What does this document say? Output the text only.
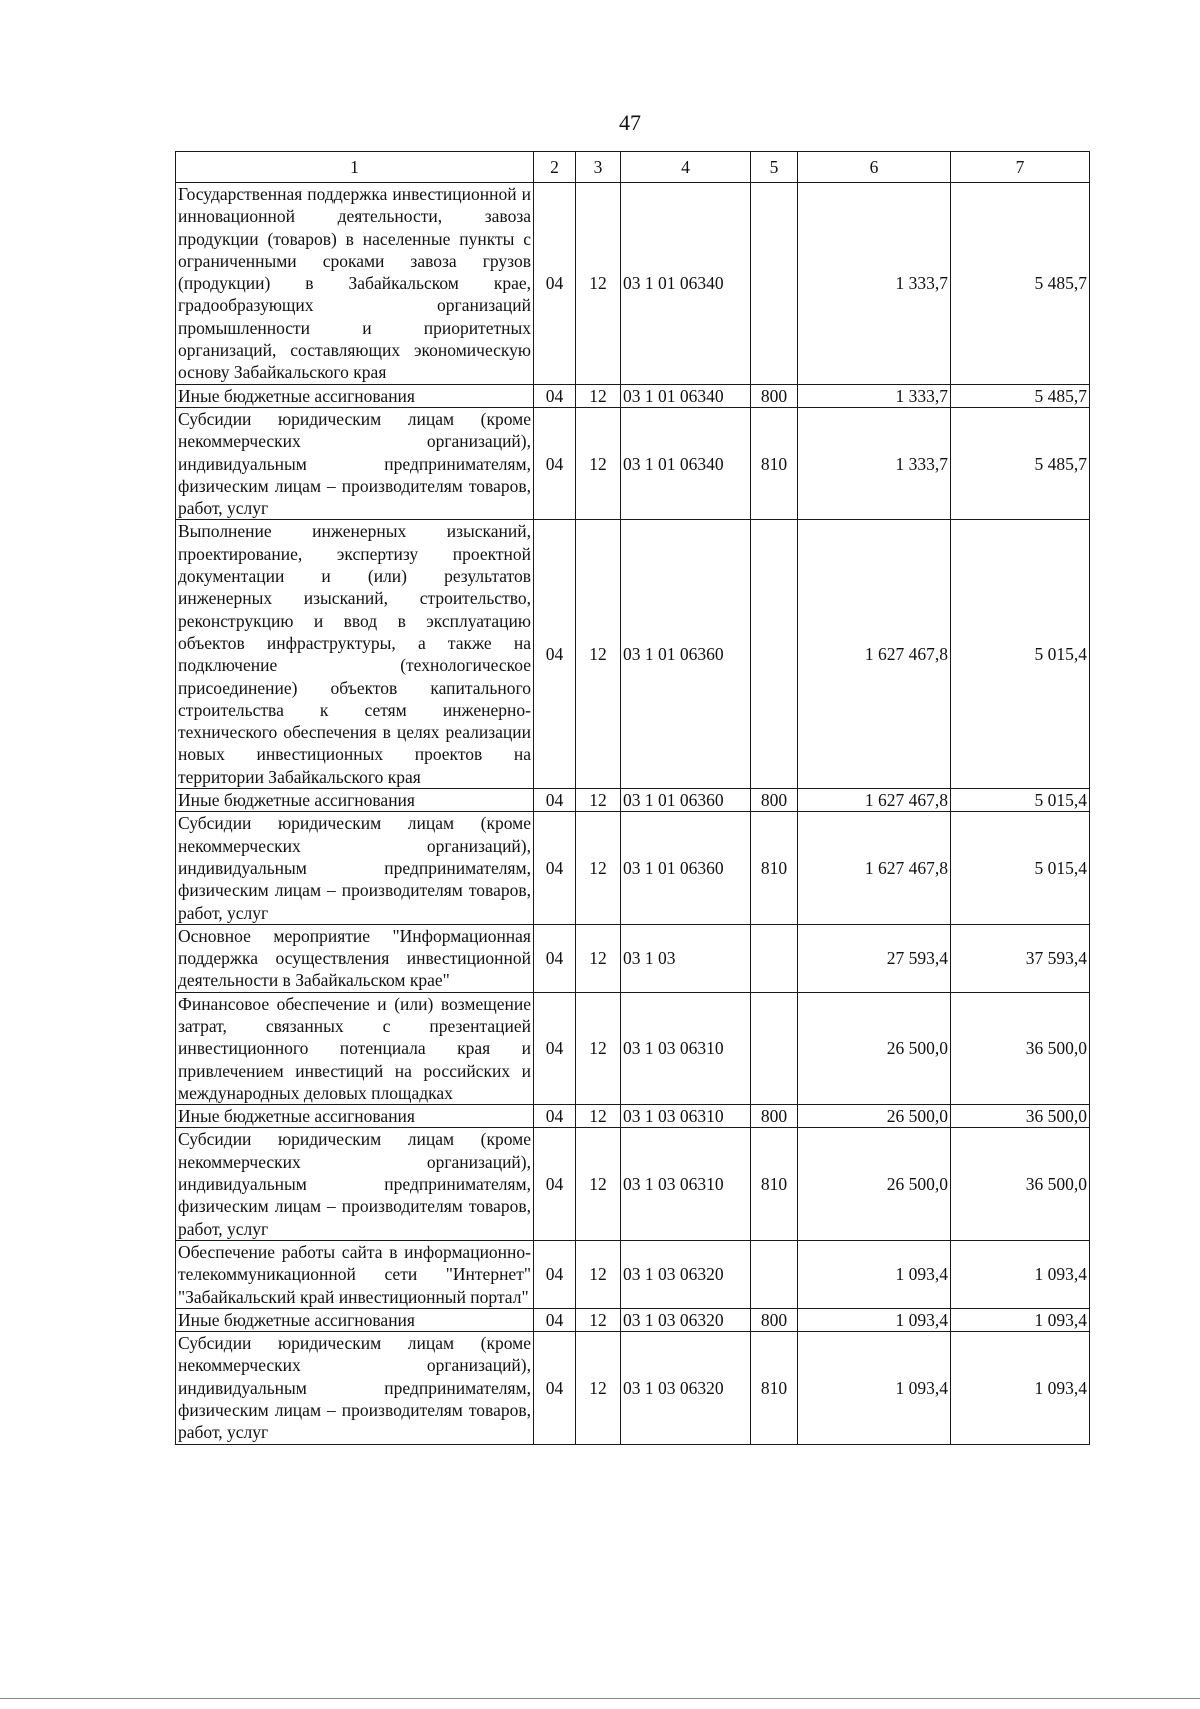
47
1	2	3	4	5	6	7
Государственная поддержка инвестиционной и инновационной деятельности, завоза продукции (товаров) в населенные пункты с ограниченными сроками завоза грузов (продукции) в Забайкальском крае, градообразующих организаций промышленности и приоритетных организаций, составляющих экономическую основу Забайкальского края	04	12	03 1 01 06340		1 333,7	5 485,7
Иные бюджетные ассигнования	04	12	03 1 01 06340	800	1 333,7	5 485,7
Субсидии юридическим лицам (кроме некоммерческих организаций), индивидуальным предпринимателям, физическим лицам – производителям товаров, работ, услуг	04	12	03 1 01 06340	810	1 333,7	5 485,7
Выполнение инженерных изысканий, проектирование, экспертизу проектной документации и (или) результатов инженерных изысканий, строительство, реконструкцию и ввод в эксплуатацию объектов инфраструктуры, а также на подключение (технологическое присоединение) объектов капитального строительства к сетям инженерно-технического обеспечения в целях реализации новых инвестиционных проектов на территории Забайкальского края	04	12	03 1 01 06360		1 627 467,8	5 015,4
Иные бюджетные ассигнования	04	12	03 1 01 06360	800	1 627 467,8	5 015,4
Субсидии юридическим лицам (кроме некоммерческих организаций), индивидуальным предпринимателям, физическим лицам – производителям товаров, работ, услуг	04	12	03 1 01 06360	810	1 627 467,8	5 015,4
Основное мероприятие "Информационная поддержка осуществления инвестиционной деятельности в Забайкальском крае"	04	12	03 1 03		27 593,4	37 593,4
Финансовое обеспечение и (или) возмещение затрат, связанных с презентацией инвестиционного потенциала края и привлечением инвестиций на российских и международных деловых площадках	04	12	03 1 03 06310		26 500,0	36 500,0
Иные бюджетные ассигнования	04	12	03 1 03 06310	800	26 500,0	36 500,0
Субсидии юридическим лицам (кроме некоммерческих организаций), индивидуальным предпринимателям, физическим лицам – производителям товаров, работ, услуг	04	12	03 1 03 06310	810	26 500,0	36 500,0
Обеспечение работы сайта в информационно-телекоммуникационной сети "Интернет" "Забайкальский край инвестиционный портал"	04	12	03 1 03 06320		1 093,4	1 093,4
Иные бюджетные ассигнования	04	12	03 1 03 06320	800	1 093,4	1 093,4
Субсидии юридическим лицам (кроме некоммерческих организаций), индивидуальным предпринимателям, физическим лицам – производителям товаров, работ, услуг	04	12	03 1 03 06320	810	1 093,4	1 093,4
